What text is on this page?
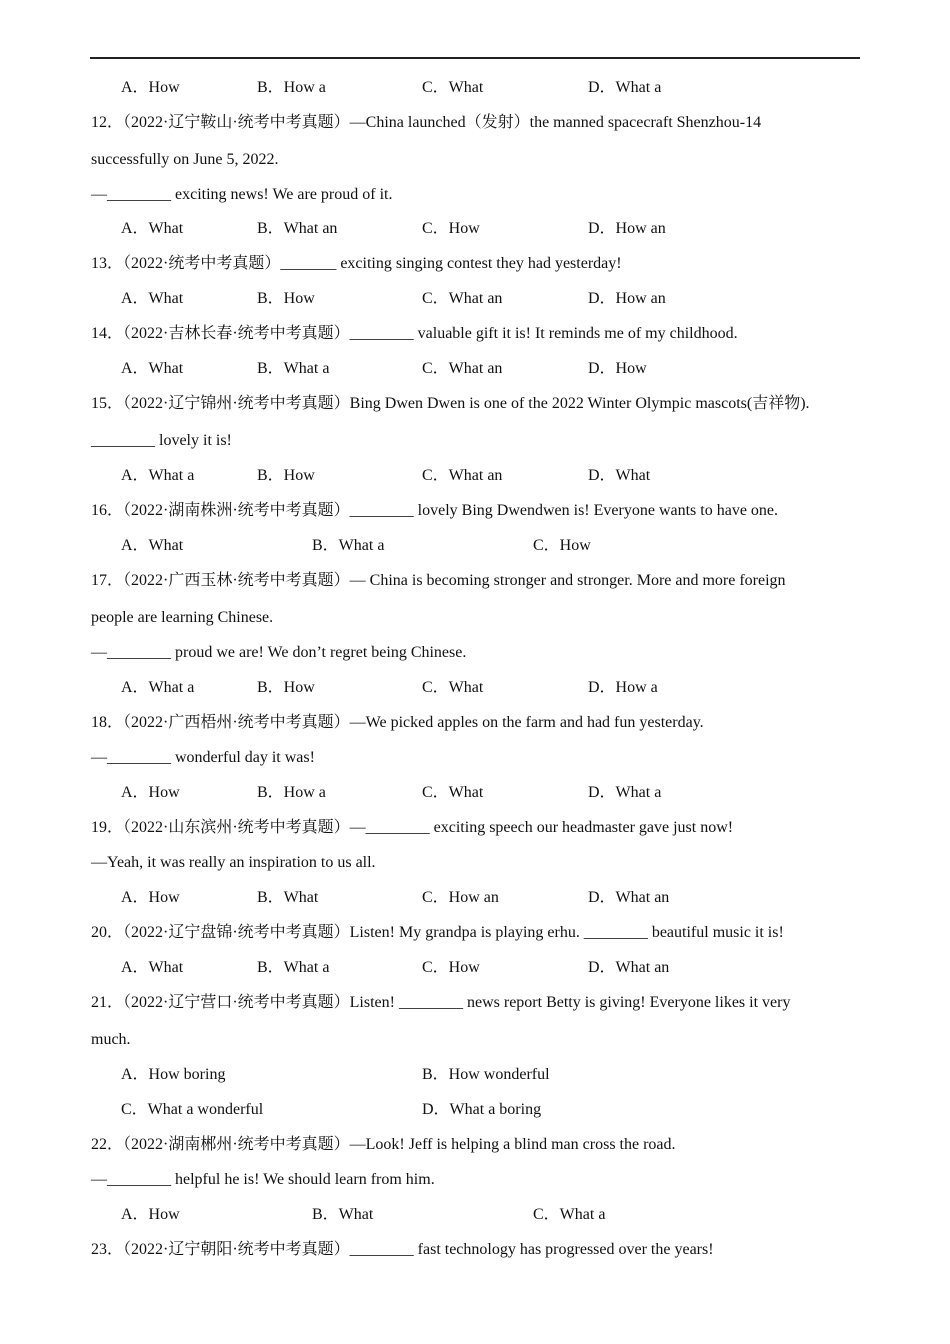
A．How	B．How a	C．What	D．What a
12．（2022·辽宁鞍山·统考中考真题）—China launched（发射）the manned spacecraft Shenzhou-14
successfully on June 5, 2022.
—________ exciting news! We are proud of it.
A．What	B．What an	C．How	D．How an
13．（2022·统考中考真题）_______ exciting singing contest they had yesterday!
A．What	B．How	C．What an	D．How an
14．（2022·吉林长春·统考中考真题）________ valuable gift it is! It reminds me of my childhood.
A．What	B．What a	C．What an	D．How
15．（2022·辽宁锦州·统考中考真题）Bing Dwen Dwen is one of the 2022 Winter Olympic mascots(吉祥物).
________ lovely it is!
A．What a	B．How	C．What an	D．What
16．（2022·湖南株洲·统考中考真题）________ lovely Bing Dwendwen is! Everyone wants to have one.
A．What	B．What a	C．How
17．（2022·广西玉林·统考中考真题）— China is becoming stronger and stronger. More and more foreign
people are learning Chinese.
—________ proud we are! We don’t regret being Chinese.
A．What a	B．How	C．What	D．How a
18．（2022·广西梧州·统考中考真题）—We picked apples on the farm and had fun yesterday.
—________ wonderful day it was!
A．How	B．How a	C．What	D．What a
19．（2022·山东滨州·统考中考真题）—________ exciting speech our headmaster gave just now!
—Yeah, it was really an inspiration to us all.
A．How	B．What	C．How an	D．What an
20．（2022·辽宁盘锦·统考中考真题）Listen! My grandpa is playing erhu. ________ beautiful music it is!
A．What	B．What a	C．How	D．What an
21．（2022·辽宁营口·统考中考真题）Listen! ________ news report Betty is giving! Everyone likes it very
much.
A．How boring	B．How wonderful
C．What a wonderful	D．What a boring
22．（2022·湖南郴州·统考中考真题）—Look! Jeff is helping a blind man cross the road.
—________ helpful he is! We should learn from him.
A．How	B．What	C．What a
23．（2022·辽宁朝阳·统考中考真题）________ fast technology has progressed over the years!
